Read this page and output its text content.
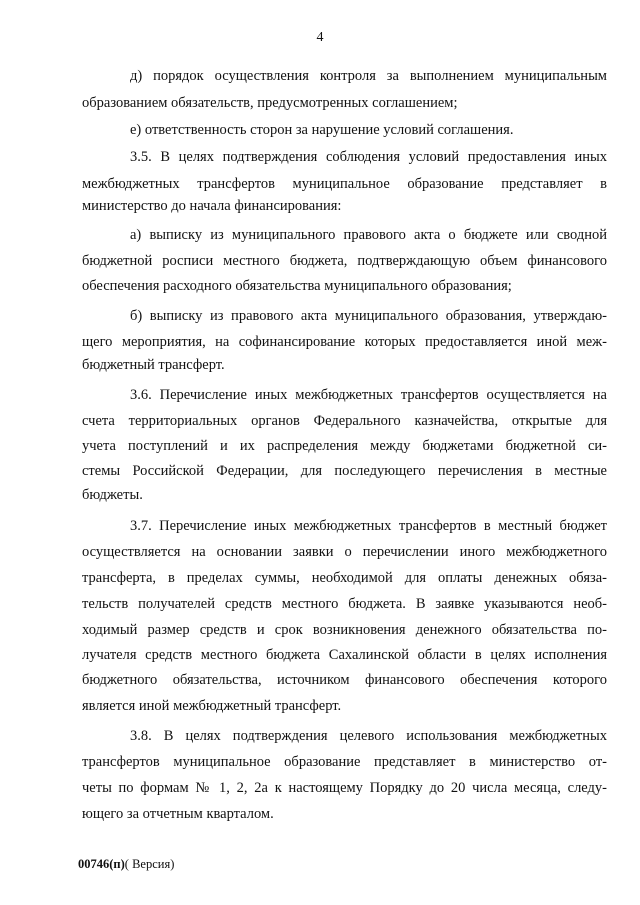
4
д) порядок осуществления контроля за выполнением муниципальным
образованием обязательств, предусмотренных соглашением;
е) ответственность сторон за нарушение условий соглашения.
3.5. В целях подтверждения соблюдения условий предоставления иных
межбюджетных трансфертов муниципальное образование представляет в
министерство до начала финансирования:
а) выписку из муниципального правового акта о бюджете или сводной
бюджетной росписи местного бюджета, подтверждающую объем финансового
обеспечения расходного обязательства муниципального образования;
б) выписку из правового акта муниципального образования, утверждаю-
щего мероприятия, на софинансирование которых предоставляется иной меж-
бюджетный трансферт.
3.6. Перечисление иных межбюджетных трансфертов осуществляется на
счета территориальных органов Федерального казначейства, открытые для
учета поступлений и их распределения между бюджетами бюджетной си-
стемы Российской Федерации, для последующего перечисления в местные
бюджеты.
3.7. Перечисление иных межбюджетных трансфертов в местный бюджет
осуществляется на основании заявки о перечислении иного межбюджетного
трансферта, в пределах суммы, необходимой для оплаты денежных обяза-
тельств получателей средств местного бюджета. В заявке указываются необ-
ходимый размер средств и срок возникновения денежного обязательства по-
лучателя средств местного бюджета Сахалинской области в целях исполнения
бюджетного обязательства, источником финансового обеспечения которого
является иной межбюджетный трансферт.
3.8. В целях подтверждения целевого использования межбюджетных
трансфертов муниципальное образование представляет в министерство от-
четы по формам № 1, 2, 2а к настоящему Порядку до 20 числа месяца, следу-
ющего за отчетным кварталом.
00746(п)( Версия)
